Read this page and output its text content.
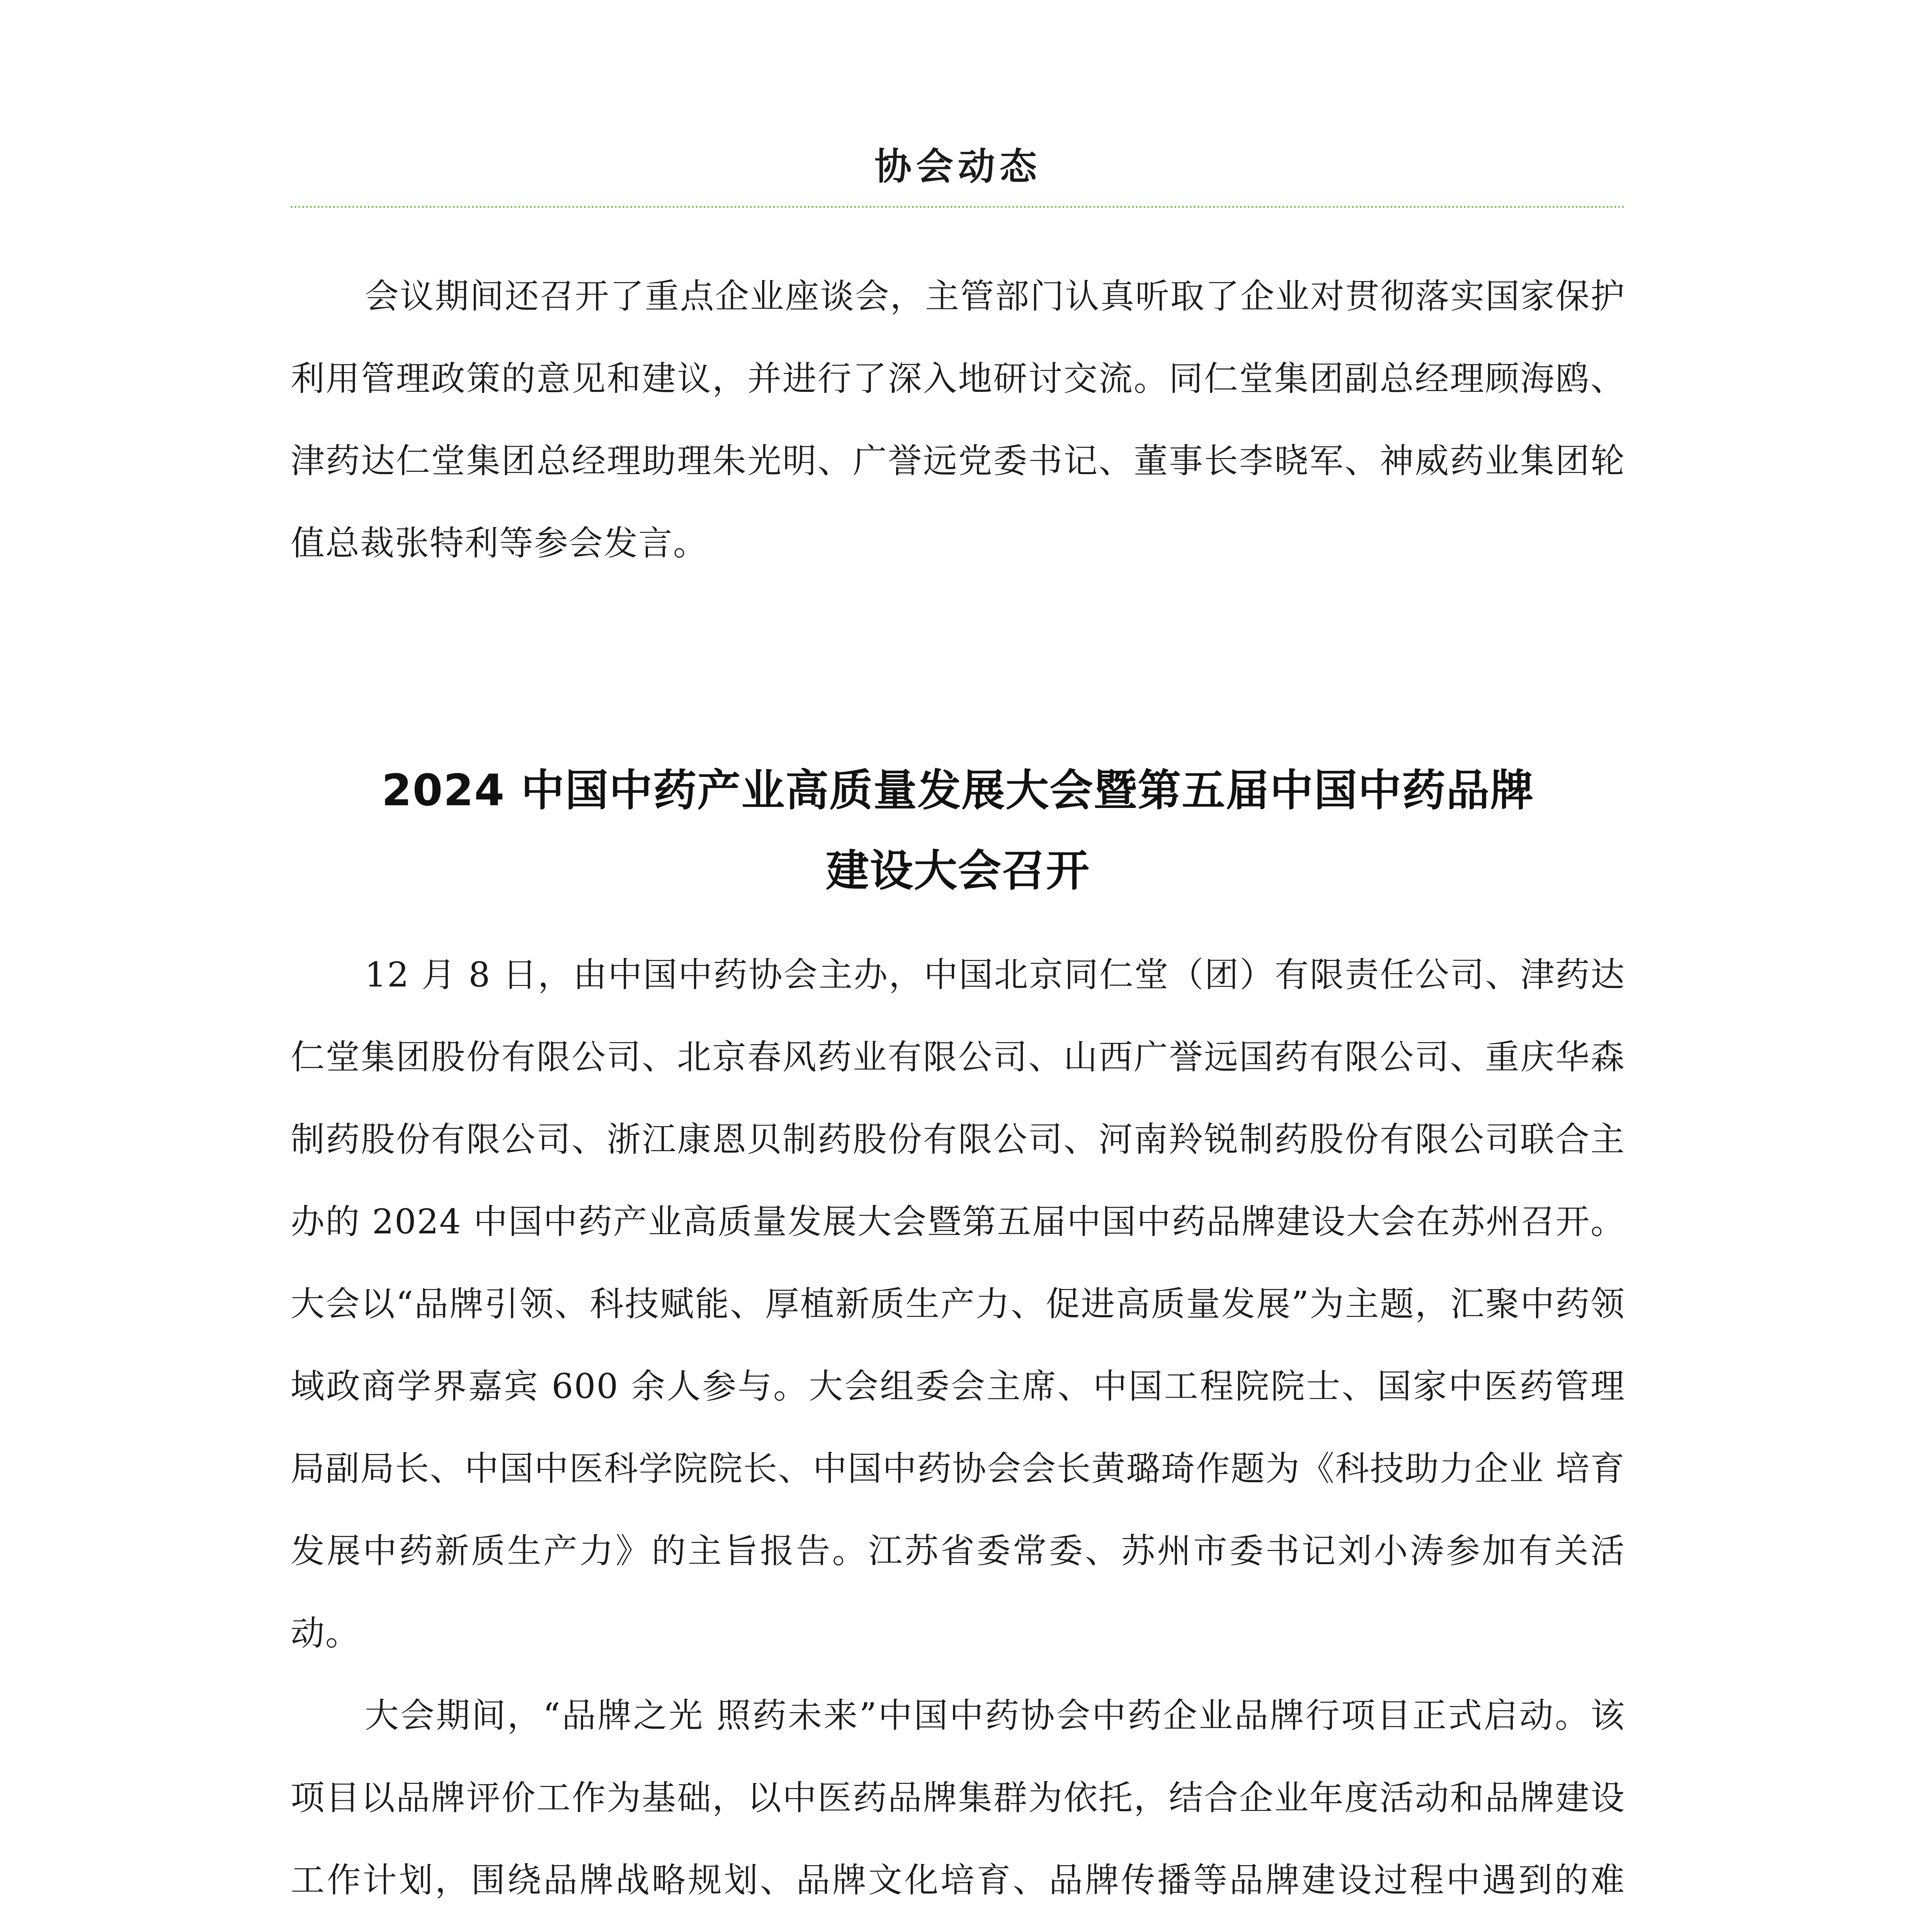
协会动态

会议期间还召开了重点企业座谈会，主管部门认真听取了企业对贯彻落实国家保护利用管理政策的意见和建议，并进行了深入地研讨交流。同仁堂集团副总经理顾海鸥、津药达仁堂集团总经理助理朱光明、广誉远党委书记、董事长李晓军、神威药业集团轮值总裁张特利等参会发言。

2024 中国中药产业高质量发展大会暨第五届中国中药品牌
建设大会召开

12 月 8 日，由中国中药协会主办，中国北京同仁堂（团）有限责任公司、津药达仁堂集团股份有限公司、北京春风药业有限公司、山西广誉远国药有限公司、重庆华森制药股份有限公司、浙江康恩贝制药股份有限公司、河南羚锐制药股份有限公司联合主办的 2024 中国中药产业高质量发展大会暨第五届中国中药品牌建设大会在苏州召开。大会以“品牌引领、科技赋能、厚植新质生产力、促进高质量发展”为主题，汇聚中药领域政商学界嘉宾 600 余人参与。大会组委会主席、中国工程院院士、国家中医药管理局副局长、中国中医科学院院长、中国中药协会会长黄璐琦作题为《科技助力企业 培育发展中药新质生产力》的主旨报告。江苏省委常委、苏州市委书记刘小涛参加有关活动。

大会期间，“品牌之光 照药未来”中国中药协会中药企业品牌行项目正式启动。该项目以品牌评价工作为基础，以中医药品牌集群为依托，结合企业年度活动和品牌建设工作计划，围绕品牌战略规划、品牌文化培育、品牌传播等品牌建设过程中遇到的难
